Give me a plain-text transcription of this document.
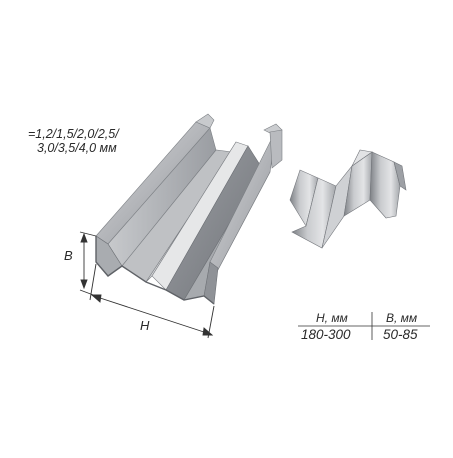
=1,2/1,5/2,0/2,5/
3,0/3,5/4,0 мм
B
H	H, мм	B, мм
180-300 50-85
